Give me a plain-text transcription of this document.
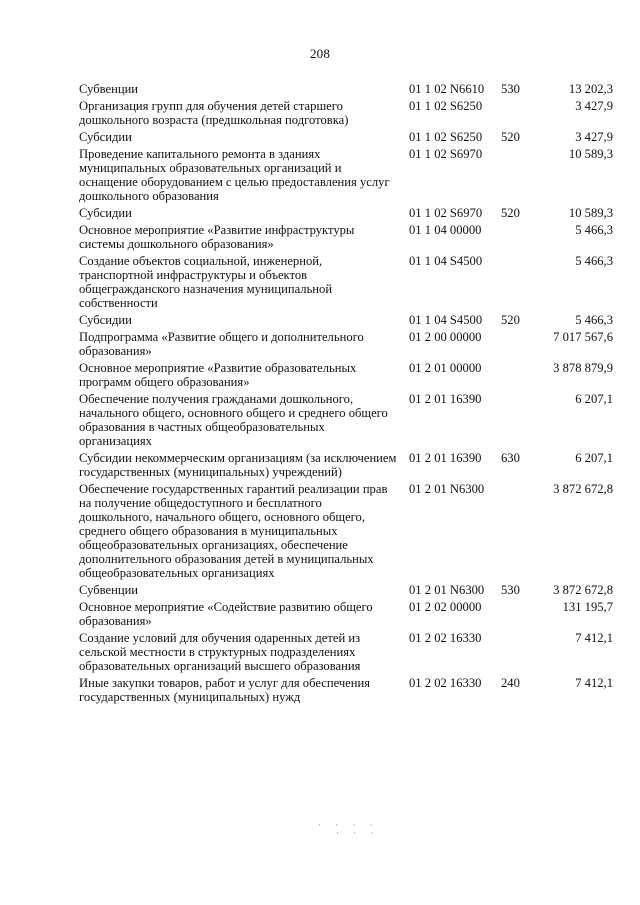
208
Субвенции	01 1 02 N6610	530	13 202,3
Организация групп для обучения детей старшего дошкольного возраста (предшкольная подготовка)	01 1 02 S6250		3 427,9
Субсидии	01 1 02 S6250	520	3 427,9
Проведение капитального ремонта в зданиях муниципальных образовательных организаций и оснащение оборудованием с целью предоставления услуг дошкольного образования	01 1 02 S6970		10 589,3
Субсидии	01 1 02 S6970	520	10 589,3
Основное мероприятие «Развитие инфраструктуры системы дошкольного образования»	01 1 04 00000		5 466,3
Создание объектов социальной, инженерной, транспортной инфраструктуры и объектов общегражданского назначения муниципальной собственности	01 1 04 S4500		5 466,3
Субсидии	01 1 04 S4500	520	5 466,3
Подпрограмма «Развитие общего и дополнительного образования»	01 2 00 00000		7 017 567,6
Основное мероприятие «Развитие образовательных программ общего образования»	01 2 01 00000		3 878 879,9
Обеспечение получения гражданами дошкольного, начального общего, основного общего и среднего общего образования в частных общеобразовательных организациях	01 2 01 16390		6 207,1
Субсидии некоммерческим организациям (за исключением государственных (муниципальных) учреждений)	01 2 01 16390	630	6 207,1
Обеспечение государственных гарантий реализации прав на получение общедоступного и бесплатного дошкольного, начального общего, основного общего, среднего общего образования в муниципальных общеобразовательных организациях, обеспечение дополнительного образования детей в муниципальных общеобразовательных организациях	01 2 01 N6300		3 872 672,8
Субвенции	01 2 01 N6300	530	3 872 672,8
Основное мероприятие «Содействие развитию общего образования»	01 2 02 00000		131 195,7
Создание условий для обучения одаренных детей из сельской местности в структурных подразделениях образовательных организаций высшего образования	01 2 02 16330		7 412,1
Иные закупки товаров, работ и услуг для обеспечения государственных (муниципальных) нужд	01 2 02 16330	240	7 412,1
· · · ·
· · ·
